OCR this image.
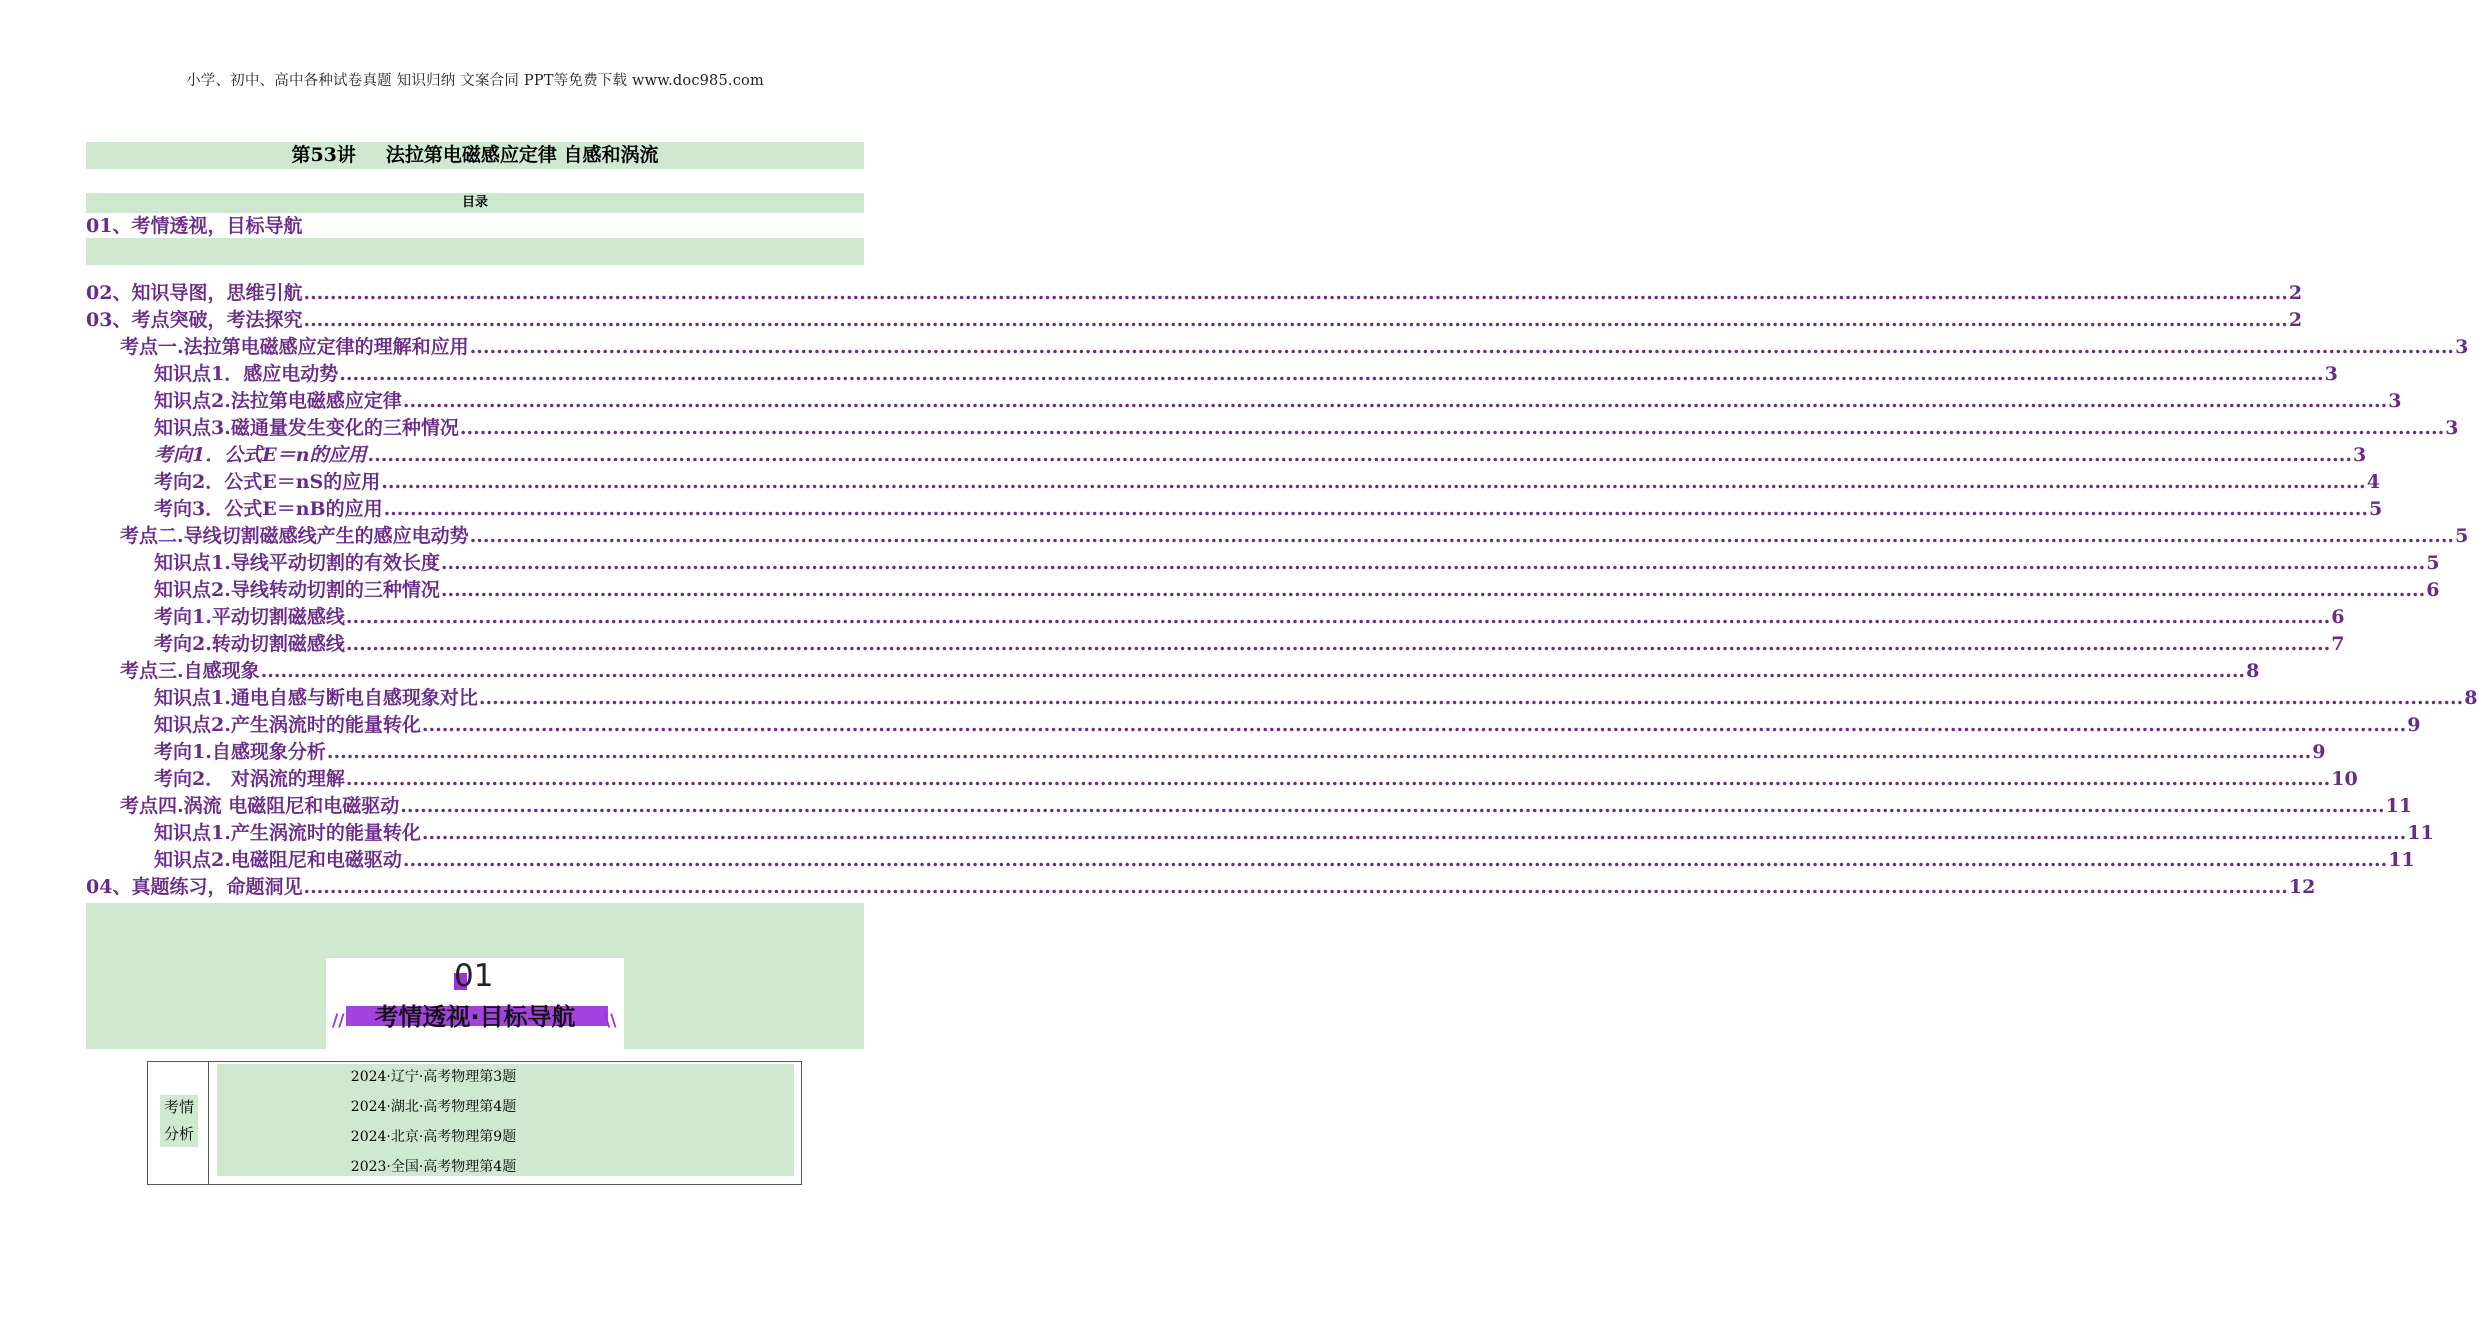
小学、初中、高中各种试卷真题 知识归纳 文案合同 PPT等免费下载 www.doc985.com
第53讲 法拉第电磁感应定律 自感和涡流
目录
01、考情透视，目标导航
02、知识导图，思维引航 ............................................................................................................................................................................................................................................................................................................ 2
03、考点突破，考法探究 ............................................................................................................................................................................................................................................................................................................ 2
考点一.法拉第电磁感应定律的理解和应用 ............................................................................................................................................................................................................................................................................................................ 3
知识点1．感应电动势 ............................................................................................................................................................................................................................................................................................................ 3
知识点2.法拉第电磁感应定律 ............................................................................................................................................................................................................................................................................................................ 3
知识点3.磁通量发生变化的三种情况 ............................................................................................................................................................................................................................................................................................................ 3
考向1．公式E＝n的应用 ............................................................................................................................................................................................................................................................................................................ 3
考向2．公式E＝nS的应用 ............................................................................................................................................................................................................................................................................................................ 4
考向3．公式E＝nB的应用 ............................................................................................................................................................................................................................................................................................................ 5
考点二.导线切割磁感线产生的感应电动势 ............................................................................................................................................................................................................................................................................................................ 5
知识点1.导线平动切割的有效长度 ............................................................................................................................................................................................................................................................................................................ 5
知识点2.导线转动切割的三种情况 ............................................................................................................................................................................................................................................................................................................ 6
考向1.平动切割磁感线 ............................................................................................................................................................................................................................................................................................................ 6
考向2.转动切割磁感线 ............................................................................................................................................................................................................................................................................................................ 7
考点三.自感现象 ............................................................................................................................................................................................................................................................................................................ 8
知识点1.通电自感与断电自感现象对比 ............................................................................................................................................................................................................................................................................................................ 8
知识点2.产生涡流时的能量转化 ............................................................................................................................................................................................................................................................................................................ 9
考向1.自感现象分析 ............................................................................................................................................................................................................................................................................................................ 9
考向2． 对涡流的理解 ............................................................................................................................................................................................................................................................................................................ 10
考点四.涡流 电磁阻尼和电磁驱动 ............................................................................................................................................................................................................................................................................................................ 11
知识点1.产生涡流时的能量转化 ............................................................................................................................................................................................................................................................................................................ 11
知识点2.电磁阻尼和电磁驱动 ............................................................................................................................................................................................................................................................................................................ 11
04、真题练习，命题洞见 ............................................................................................................................................................................................................................................................................................................ 12
01
//	\\
考情透视·目标导航
考情
分析
2024·辽宁·高考物理第3题
2024·湖北·高考物理第4题
2024·北京·高考物理第9题
2023·全国·高考物理第4题
